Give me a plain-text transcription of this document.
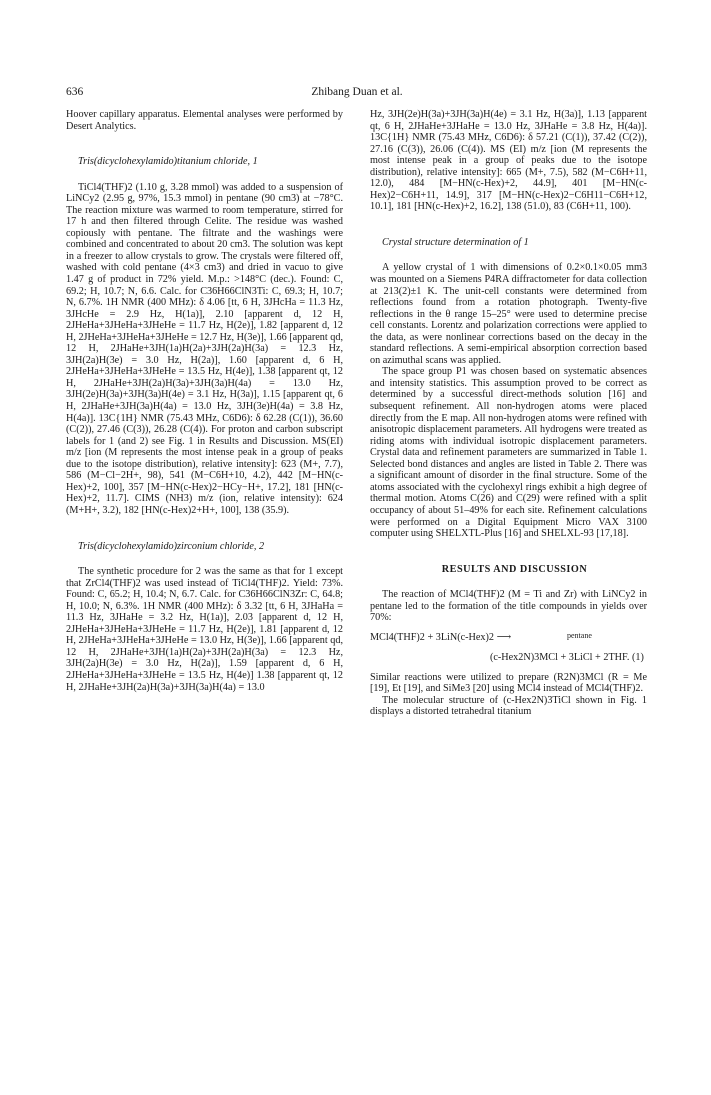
636	Zhibang Duan et al.

Hoover capillary apparatus. Elemental analyses were performed by Desert Analytics.

Tris(dicyclohexylamido)titanium chloride, 1

TiCl4(THF)2 (1.10 g, 3.28 mmol) was added to a suspension of LiNCy2 (2.95 g, 97%, 15.3 mmol) in pentane (90 cm3) at −78°C. The reaction mixture was warmed to room temperature, stirred for 17 h and then filtered through Celite. The residue was washed copiously with pentane. The filtrate and the washings were combined and concentrated to about 20 cm3. The solution was kept in a freezer to allow crystals to grow. The crystals were filtered off, washed with cold pentane (4×3 cm3) and dried in vacuo to give 1.47 g of product in 72% yield. M.p.: >148°C (dec.). Found: C, 69.2; H, 10.7; N, 6.6. Calc. for C36H66ClN3Ti: C, 69.3; H, 10.7; N, 6.7%. 1H NMR (400 MHz): δ 4.06 [tt, 6 H, 3JHcHa = 11.3 Hz, 3JHcHe = 2.9 Hz, H(1a)], 2.10 [apparent d, 12 H, 2JHeHa+3JHeHa+3JHeHe = 11.7 Hz, H(2e)], 1.82 [apparent d, 12 H, 2JHeHa+3JHeHa+3JHeHe = 12.7 Hz, H(3e)], 1.66 [apparent qd, 12 H, 2JHaHe+3JH(1a)H(2a)+3JH(2a)H(3a) = 12.3 Hz, 3JH(2a)H(3e) = 3.0 Hz, H(2a)], 1.60 [apparent d, 6 H, 2JHeHa+3JHeHa+3JHeHe = 13.5 Hz, H(4e)], 1.38 [apparent qt, 12 H, 2JHaHe+3JH(2a)H(3a)+3JH(3a)H(4a) = 13.0 Hz, 3JH(2e)H(3a)+3JH(3a)H(4e) = 3.1 Hz, H(3a)], 1.15 [apparent qt, 6 H, 2JHaHe+3JH(3a)H(4a) = 13.0 Hz, 3JH(3e)H(4a) = 3.8 Hz, H(4a)]. 13C{1H} NMR (75.43 MHz, C6D6): δ 62.28 (C(1)), 36.60 (C(2)), 27.46 (C(3)), 26.28 (C(4)). For proton and carbon subscript labels for 1 (and 2) see Fig. 1 in Results and Discussion. MS(EI) m/z [ion (M represents the most intense peak in a group of peaks due to the isotope distribution), relative intensity]: 623 (M+, 7.7), 586 (M−Cl−2H+, 98), 541 (M−C6H+10, 4.2), 442 [M−HN(c-Hex)+2, 100], 357 [M−HN(c-Hex)2−HCy−H+, 17.2], 181 [HN(c-Hex)+2, 11.7]. CIMS (NH3) m/z (ion, relative intensity): 624 (M+H+, 3.2), 182 [HN(c-Hex)2+H+, 100], 138 (35.9).

Tris(dicyclohexylamido)zirconium chloride, 2

The synthetic procedure for 2 was the same as that for 1 except that ZrCl4(THF)2 was used instead of TiCl4(THF)2. Yield: 73%. Found: C, 65.2; H, 10.4; N, 6.7. Calc. for C36H66ClN3Zr: C, 64.8; H, 10.0; N, 6.3%. 1H NMR (400 MHz): δ 3.32 [tt, 6 H, 3JHaHa = 11.3 Hz, 3JHaHe = 3.2 Hz, H(1a)], 2.03 [apparent d, 12 H, 2JHeHa+3JHeHa+3JHeHe = 11.7 Hz, H(2e)], 1.81 [apparent d, 12 H, 2JHeHa+3JHeHa+3JHeHe = 13.0 Hz, H(3e)], 1.66 [apparent qd, 12 H, 2JHaHe+3JH(1a)H(2a)+3JH(2a)H(3a) = 12.3 Hz, 3JH(2a)H(3e) = 3.0 Hz, H(2a)], 1.59 [apparent d, 6 H, 2JHeHa+3JHeHa+3JHeHe = 13.5 Hz, H(4e)] 1.38 [apparent qt, 12 H, 2JHaHe+3JH(2a)H(3a)+3JH(3a)H(4a) = 13.0

Hz, 3JH(2e)H(3a)+3JH(3a)H(4e) = 3.1 Hz, H(3a)], 1.13 [apparent qt, 6 H, 2JHaHe+3JHaHe = 13.0 Hz, 3JHaHe = 3.8 Hz, H(4a)]. 13C{1H} NMR (75.43 MHz, C6D6): δ 57.21 (C(1)), 37.42 (C(2)), 27.16 (C(3)), 26.06 (C(4)). MS (EI) m/z [ion (M represents the most intense peak in a group of peaks due to the isotope distribution), relative intensity]: 665 (M+, 7.5), 582 (M−C6H+11, 12.0), 484 [M−HN(c-Hex)+2, 44.9], 401 [M−HN(c-Hex)2−C6H+11, 14.9], 317 [M−HN(c-Hex)2−C6H11−C6H+12, 10.1], 181 [HN(c-Hex)+2, 16.2], 138 (51.0), 83 (C6H+11, 100).

Crystal structure determination of 1

A yellow crystal of 1 with dimensions of 0.2×0.1×0.05 mm3 was mounted on a Siemens P4RA diffractometer for data collection at 213(2)±1 K. The unit-cell constants were determined from reflections found from a rotation photograph. Twenty-five reflections in the θ range 15–25° were used to determine precise cell constants. Lorentz and polarization corrections were applied to the data, as were nonlinear corrections based on the decay in the standard reflections. A semi-empirical absorption correction based on azimuthal scans was applied.

The space group P1 was chosen based on systematic absences and intensity statistics. This assumption proved to be correct as determined by a successful direct-methods solution [16] and subsequent refinement. All non-hydrogen atoms were placed directly from the E map. All non-hydrogen atoms were refined with anisotropic displacement parameters. All hydrogens were treated as riding atoms with individual isotropic displacement parameters. Crystal data and refinement parameters are summarized in Table 1. Selected bond distances and angles are listed in Table 2. There was a significant amount of disorder in the final structure. Some of the atoms associated with the cyclohexyl rings exhibit a high degree of thermal motion. Atoms C(26) and C(29) were refined with a split occupancy of about 51–49% for each site. Refinement calculations were performed on a Digital Equipment Micro VAX 3100 computer using SHELXTL-Plus [16] and SHELXL-93 [17,18].

RESULTS AND DISCUSSION

The reaction of MCl4(THF)2 (M = Ti and Zr) with LiNCy2 in pentane led to the formation of the title compounds in yields over 70%:

MCl4(THF)2 + 3LiN(c-Hex)2 ⟶	pentane
(c-Hex2N)3MCl + 3LiCl + 2THF. (1)

Similar reactions were utilized to prepare (R2N)3MCl (R = Me [19], Et [19], and SiMe3 [20] using MCl4 instead of MCl4(THF)2.

The molecular structure of (c-Hex2N)3TiCl shown in Fig. 1 displays a distorted tetrahedral titanium
